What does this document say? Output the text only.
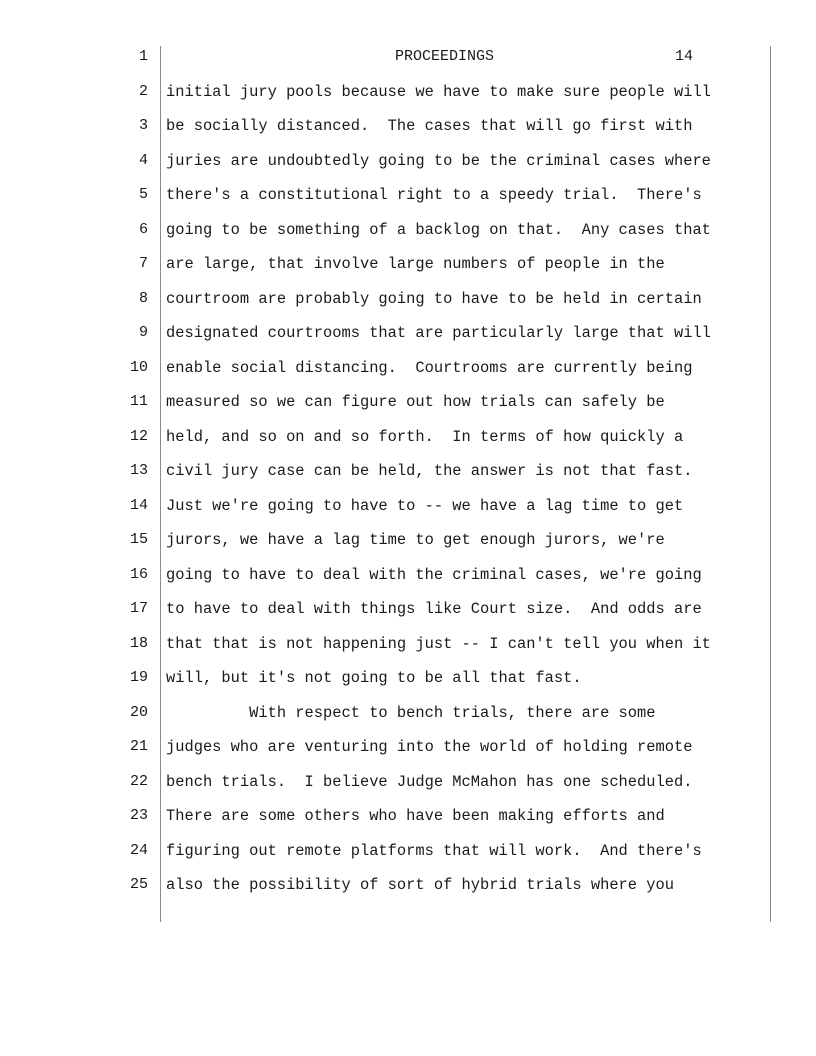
1	PROCEEDINGS	14
2 initial jury pools because we have to make sure people will
3 be socially distanced.  The cases that will go first with
4 juries are undoubtedly going to be the criminal cases where
5 there's a constitutional right to a speedy trial.  There's
6 going to be something of a backlog on that.  Any cases that
7 are large, that involve large numbers of people in the
8 courtroom are probably going to have to be held in certain
9 designated courtrooms that are particularly large that will
10 enable social distancing.  Courtrooms are currently being
11 measured so we can figure out how trials can safely be
12 held, and so on and so forth.  In terms of how quickly a
13 civil jury case can be held, the answer is not that fast.
14 Just we're going to have to -- we have a lag time to get
15 jurors, we have a lag time to get enough jurors, we're
16 going to have to deal with the criminal cases, we're going
17 to have to deal with things like Court size.  And odds are
18 that that is not happening just -- I can't tell you when it
19 will, but it's not going to be all that fast.
20 With respect to bench trials, there are some
21 judges who are venturing into the world of holding remote
22 bench trials.  I believe Judge McMahon has one scheduled.
23 There are some others who have been making efforts and
24 figuring out remote platforms that will work.  And there's
25 also the possibility of sort of hybrid trials where you
